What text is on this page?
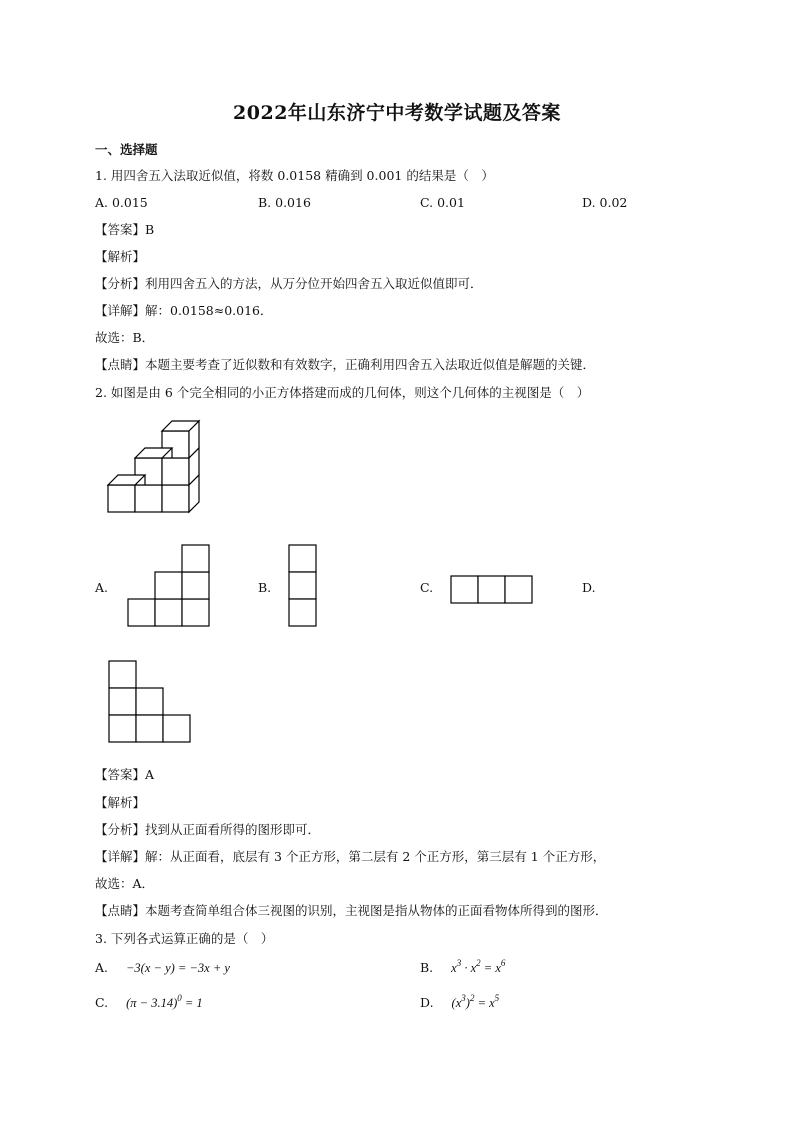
2022年山东济宁中考数学试题及答案
一、选择题
1. 用四舍五入法取近似值，将数 0.0158 精确到 0.001 的结果是（　）
A. 0.015	B. 0.016	C. 0.01	D. 0.02
【答案】B
【解析】
【分析】利用四舍五入的方法，从万分位开始四舍五入取近似值即可．
【详解】解：0.0158≈0.016．
故选：B．
【点睛】本题主要考查了近似数和有效数字，正确利用四舍五入法取近似值是解题的关键．
2. 如图是由 6 个完全相同的小正方体搭建而成的几何体，则这个几何体的主视图是（　）
A.	B.	C.	D.
【答案】A
【解析】
【分析】找到从正面看所得的图形即可．
【详解】解：从正面看，底层有 3 个正方形，第二层有 2 个正方形，第三层有 1 个正方形，
故选：A．
【点睛】本题考查简单组合体三视图的识别，主视图是指从物体的正面看物体所得到的图形．
3. 下列各式运算正确的是（　）
A. −3(x − y) = −3x + y	B. $x^3 \cdot x^2 = x^6$
C. $(\pi - 3.14)^0 = 1$	D. $(x^3)^2 = x^5$
